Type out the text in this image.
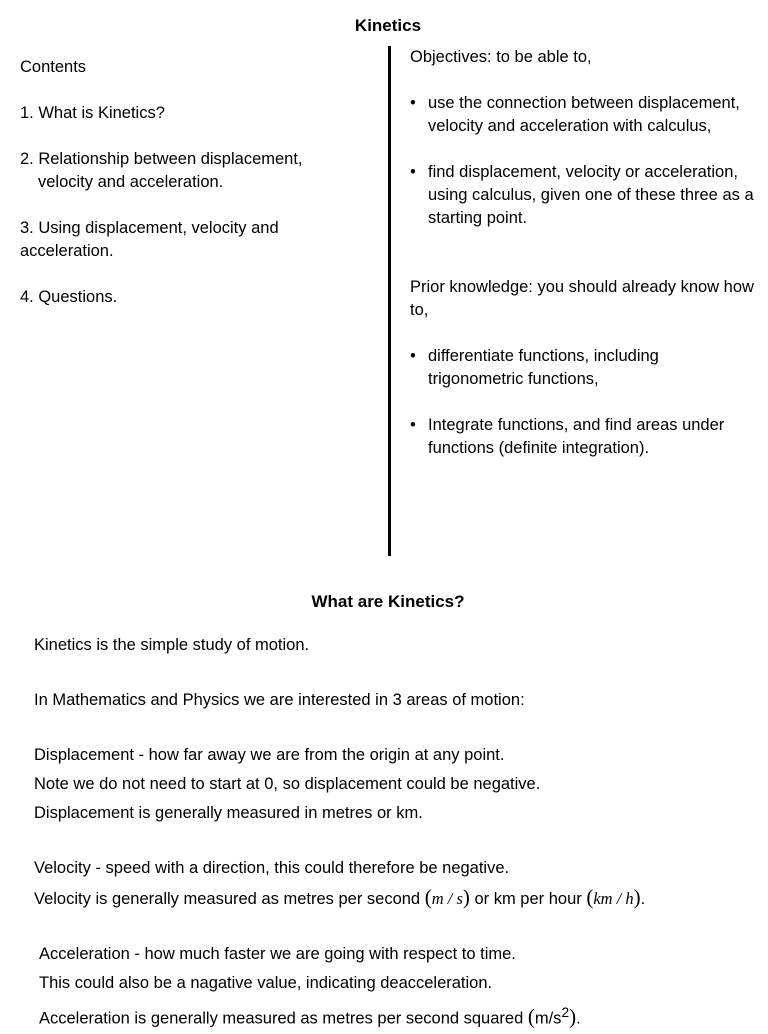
Kinetics
Contents
1. What is Kinetics?
2. Relationship between displacement,
velocity and acceleration.
3. Using displacement, velocity and
acceleration.
4. Questions.
Objectives: to be able to,
• use the connection between displacement, velocity and acceleration with calculus,
• find displacement, velocity or acceleration, using calculus, given one of these three as a starting point.
Prior knowledge: you should already know how to,
• differentiate functions, including trigonometric functions,
• Integrate functions, and find areas under functions (definite integration).
What are Kinetics?
Kinetics is the simple study of motion.
In Mathematics and Physics we are interested in 3 areas of motion:
Displacement - how far away we are from the origin at any point.
Note we do not need to start at 0, so displacement could be negative.
Displacement is generally measured in metres or km.
Velocity - speed with a direction, this could therefore be negative.
Velocity is generally measured as metres per second (m / s) or km per hour (km / h).
Acceleration - how much faster we are going with respect to time.
This could also be a nagative value, indicating deacceleration.
Acceleration is generally measured as metres per second squared $(m/s^2)$.
